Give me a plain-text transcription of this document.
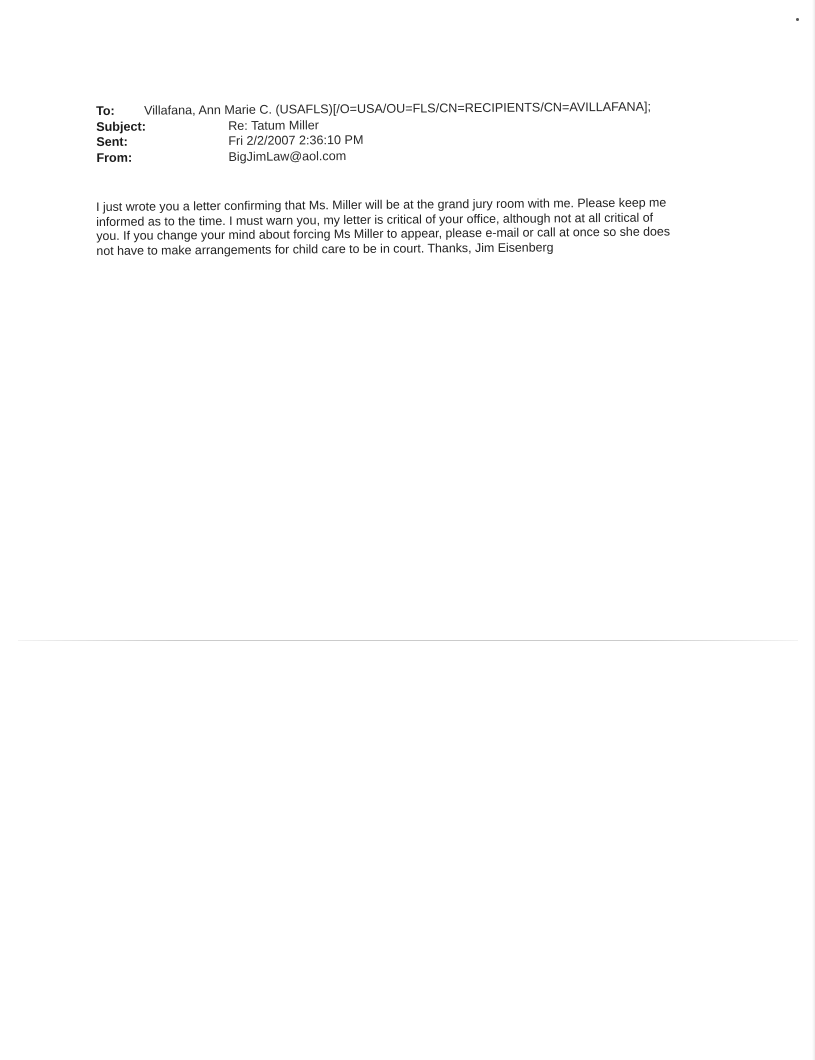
To:	Villafana, Ann Marie C. (USAFLS)[/O=USA/OU=FLS/CN=RECIPIENTS/CN=AVILLAFANA];
Subject:	Re: Tatum Miller
Sent:	Fri 2/2/2007 2:36:10 PM
From:	BigJimLaw@aol.com
I just wrote you a letter confirming that Ms. Miller will be at the grand jury room with me. Please keep me
informed as to the time. I must warn you, my letter is critical of your office, although not at all critical of
you. If you change your mind about forcing Ms Miller to appear, please e-mail or call at once so she does
not have to make arrangements for child care to be in court. Thanks, Jim Eisenberg
